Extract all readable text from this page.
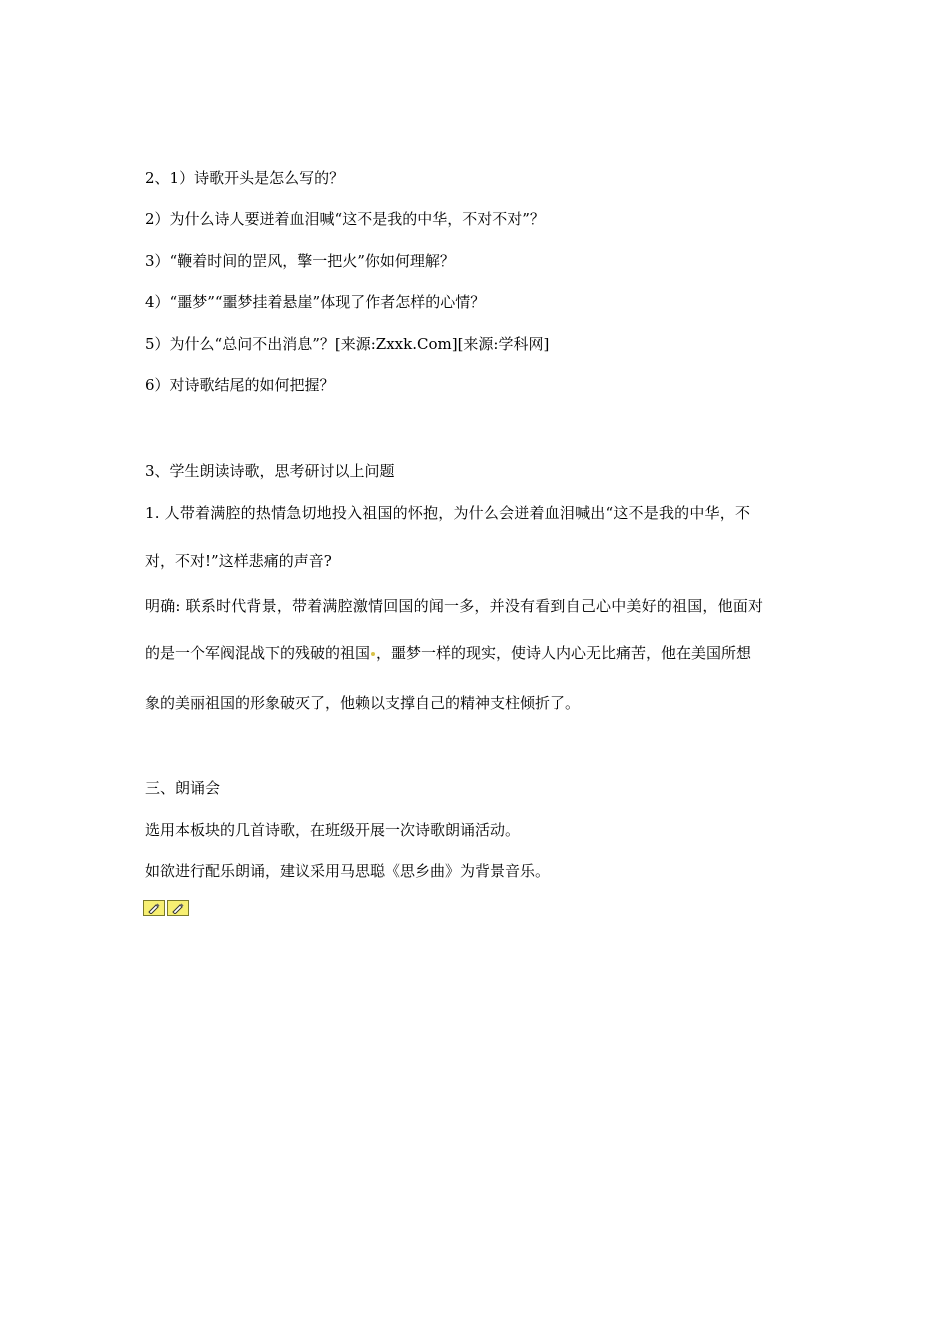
2、1）诗歌开头是怎么写的？

2）为什么诗人要迸着血泪喊“这不是我的中华，不对不对”？

3）“鞭着时间的罡风，擎一把火”你如何理解？

4）“噩梦”“噩梦挂着悬崖”体现了作者怎样的心情？

5）为什么“总问不出消息”？[来源:Zxxk.Com][来源:学科网]

6）对诗歌结尾的如何把握？

3、学生朗读诗歌，思考研讨以上问题

1. 人带着满腔的热情急切地投入祖国的怀抱，为什么会迸着血泪喊出“这不是我的中华，不

对，不对!”这样悲痛的声音?

明确: 联系时代背景，带着满腔激情回国的闻一多，并没有看到自己心中美好的祖国，他面对

的是一个军阀混战下的残破的祖国 ，噩梦一样的现实，使诗人内心无比痛苦，他在美国所想

象的美丽祖国的形象破灭了，他赖以支撑自己的精神支柱倾折了。

三、朗诵会

选用本板块的几首诗歌，在班级开展一次诗歌朗诵活动。

如欲进行配乐朗诵，建议采用马思聪《思乡曲》为背景音乐。
